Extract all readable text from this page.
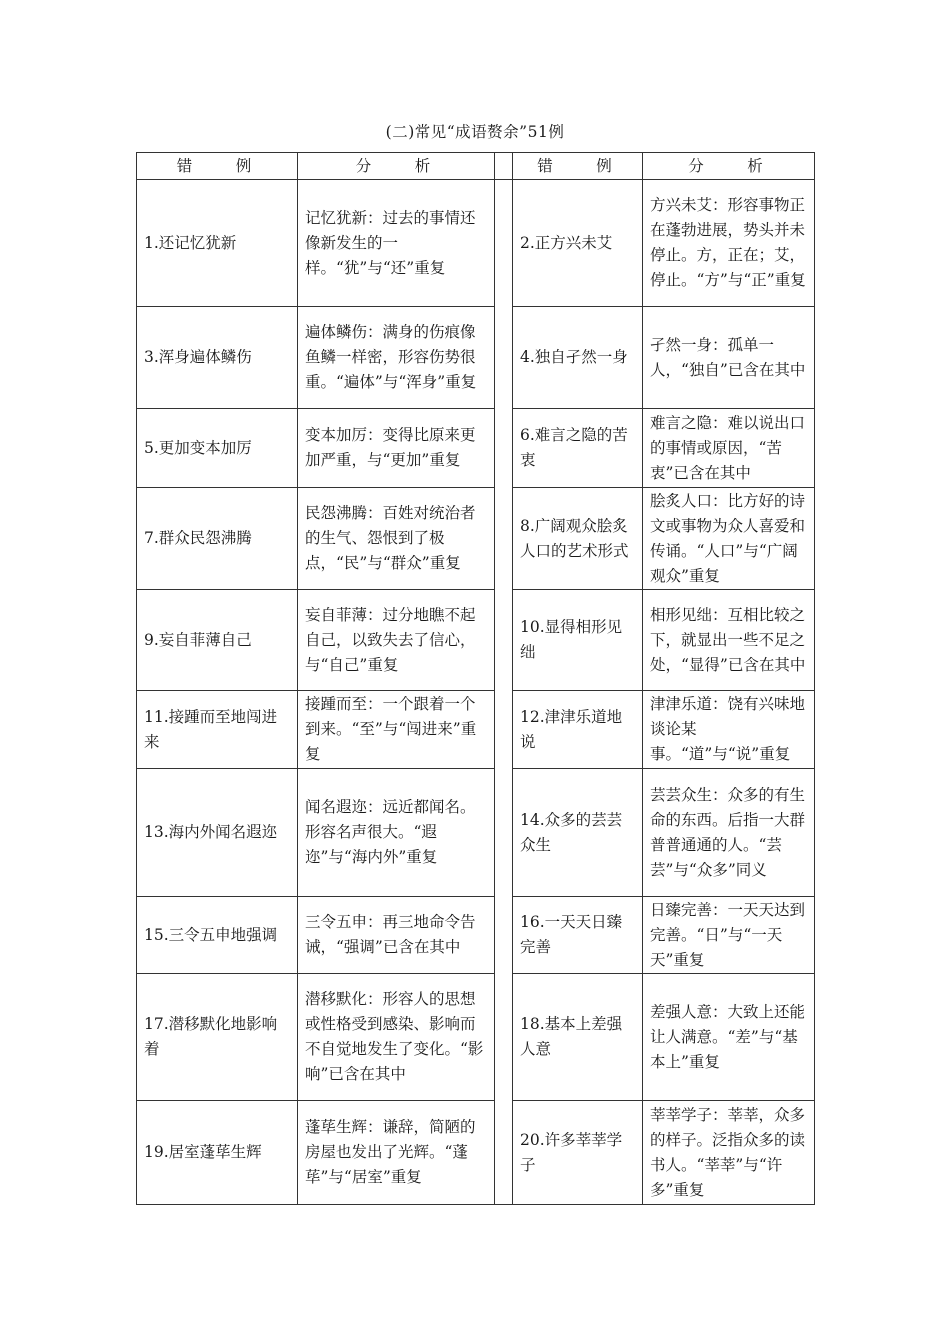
(二)常见“成语赘余”51例
错　例	分　析		错　例	分　析
1.还记忆犹新	记忆犹新：过去的事情还像新发生的一样。“犹”与“还”重复		2.正方兴未艾	方兴未艾：形容事物正在蓬勃进展，势头并未停止。方，正在；艾，停止。“方”与“正”重复
3.浑身遍体鳞伤	遍体鳞伤：满身的伤痕像鱼鳞一样密，形容伤势很重。“遍体”与“浑身”重复		4.独自孑然一身	孑然一身：孤单一人，“独自”已含在其中
5.更加变本加厉	变本加厉：变得比原来更加严重，与“更加”重复		6.难言之隐的苦衷	难言之隐：难以说出口的事情或原因，“苦衷”已含在其中
7.群众民怨沸腾	民怨沸腾：百姓对统治者的生气、怨恨到了极点，“民”与“群众”重复		8.广阔观众脍炙人口的艺术形式	脍炙人口：比方好的诗文或事物为众人喜爱和传诵。“人口”与“广阔观众”重复
9.妄自菲薄自己	妄自菲薄：过分地瞧不起自己，以致失去了信心，与“自己”重复		10.显得相形见绌	相形见绌：互相比较之下，就显出一些不足之处，“显得”已含在其中
11.接踵而至地闯进来	接踵而至：一个跟着一个到来。“至”与“闯进来”重复		12.津津乐道地说	津津乐道：饶有兴味地谈论某事。“道”与“说”重复
13.海内外闻名遐迩	闻名遐迩：远近都闻名。形容名声很大。“遐迩”与“海内外”重复		14.众多的芸芸众生	芸芸众生：众多的有生命的东西。后指一大群普普通通的人。“芸芸”与“众多”同义
15.三令五申地强调	三令五申：再三地命令告诫，“强调”已含在其中		16.一天天日臻完善	日臻完善：一天天达到完善。“日”与“一天天”重复
17.潜移默化地影响着	潜移默化：形容人的思想或性格受到感染、影响而不自觉地发生了变化。“影响”已含在其中		18.基本上差强人意	差强人意：大致上还能让人满意。“差”与“基本上”重复
19.居室蓬荜生辉	蓬荜生辉：谦辞，简陋的房屋也发出了光辉。“蓬荜”与“居室”重复		20.许多莘莘学子	莘莘学子：莘莘，众多的样子。泛指众多的读书人。“莘莘”与“许多”重复
